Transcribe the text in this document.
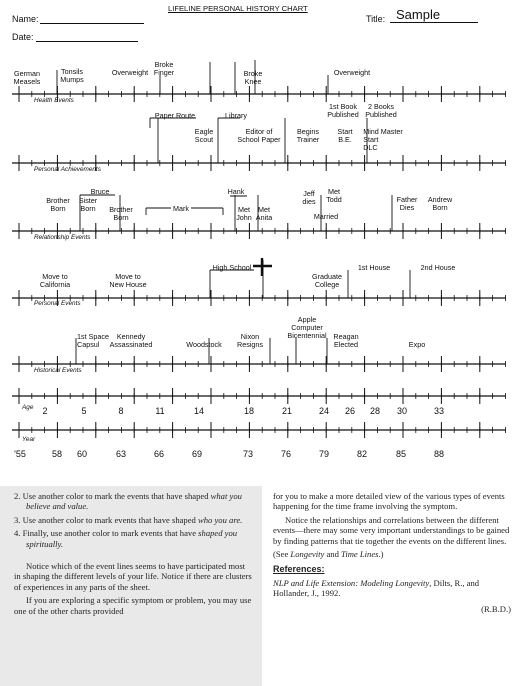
Name:
Date:
LIFELINE PERSONAL HISTORY CHART
Title: Sample
Health Events
Personal Achievements
Relationship Events
Personal Events
Historical Events
Age
Year
German
Measels
Tonsils
Mumps
Overweight
Broke
Finger	Broke
Knee
Overweight
Paper Route	Library
Eagle
Scout
Editor of
School Paper
Begins
Trainer
1st Book
Published
2 Books
Published
Start
B.E.
Mind Master
Start
DLC
Bruce
Brother
Born
Sister
Born Brother
Born
Mark
Hank
Met
John
Met
Anita
Jeff
dies
Met
Todd
Married
Father
Dies
Andrew
Born
High School
Move to
California
Move to
New House
Graduate
College
1st House	2nd House
1st Space
Capsul
Kennedy
Assassinated	Woodstock
Nixon
Resigns
Apple
Computer
Bicentennial Reagan
Elected	Expo
2	5	8	11	14	18	21	24 26 28 30	33
'55	58 60	63	66	69	73	76	79	82	85	88

2. Use another color to mark the events that have shaped what you believe and value.

3. Use another color to mark events that have shaped who you are.

4. Finally, use another color to mark events that have shaped you spiritually.

Notice which of the event lines seems to have participated most in shaping the different levels of your life. Notice if there are clusters of experiences in any parts of the sheet.

If you are exploring a specific symptom or problem, you may use one of the other charts provided

for you to make a more detailed view of the various types of events happening for the time frame involving the symptom.

Notice the relationships and correlations between the different events—there may some very important understandings to be gained by finding patterns that tie together the events on the different lines.

(See Longevity and Time Lines.)

References:

NLP and Life Extension: Modeling Longevity, Dilts, R., and Hollander, J., 1992.

(R.B.D.)
